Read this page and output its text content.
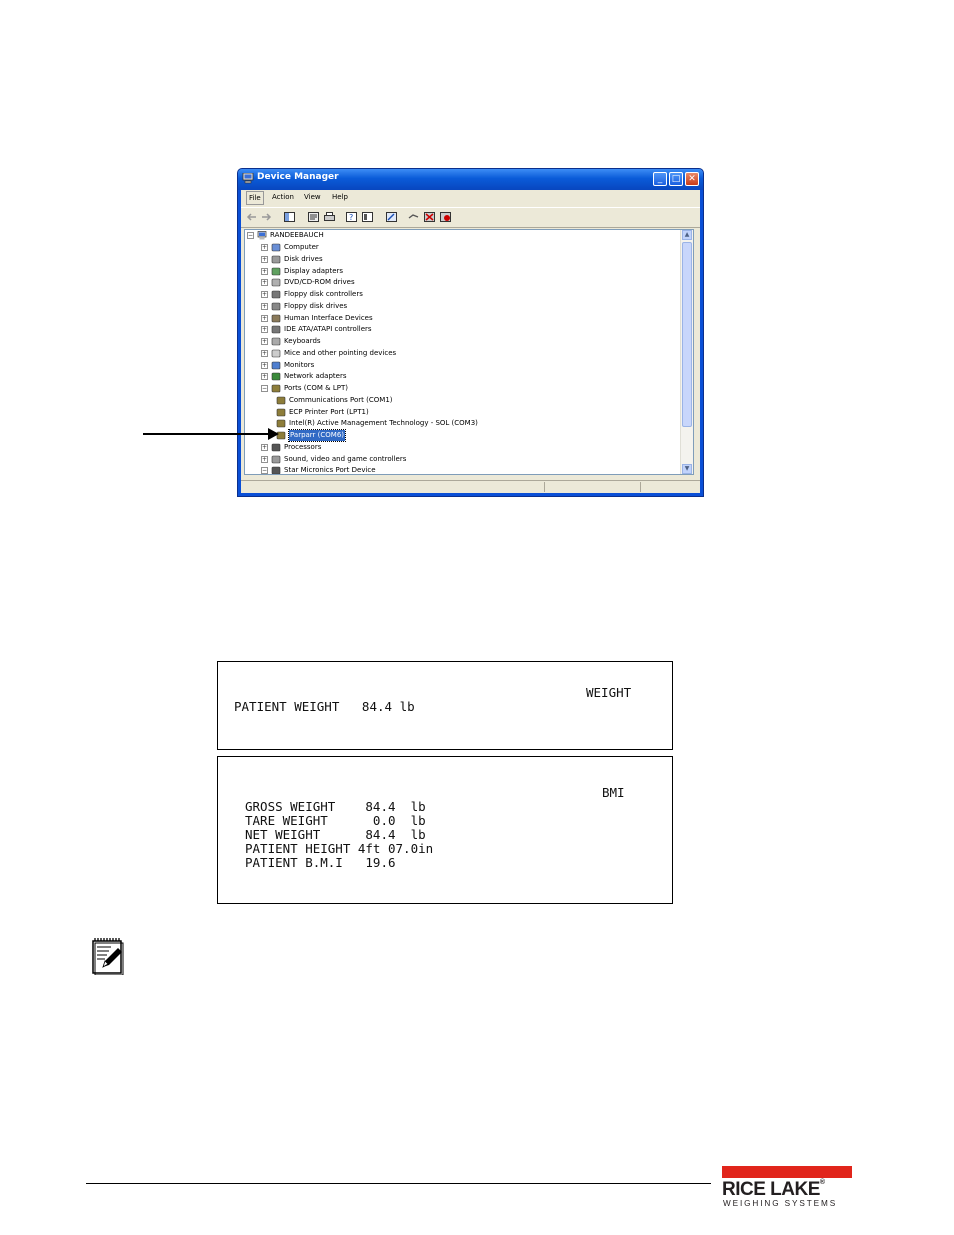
Device Manager	_	□ ✕
File	Action View Help
?
− RANDEEBAUCH
+ Computer
+ Disk drives
+ Display adapters
+ DVD/CD-ROM drives
+ Floppy disk controllers
+ Floppy disk drives
+ Human Interface Devices
+ IDE ATA/ATAPI controllers
+ Keyboards
+ Mice and other pointing devices
+ Monitors
+ Network adapters
− Ports (COM & LPT)
Communications Port (COM1)
ECP Printer Port (LPT1)
Intel(R) Active Management Technology - SOL (COM3)
Parparr (COM6)
+ Processors
+ Sound, video and game controllers
− Star Micronics Port Device
▲
▼
WEIGHT
PATIENT WEIGHT   84.4 lb
BMI
GROSS WEIGHT    84.4  lb
TARE WEIGHT      0.0  lb
NET WEIGHT      84.4  lb
PATIENT HEIGHT 4ft 07.0in
PATIENT B.M.I   19.6
RICE LAKE®
WEIGHING SYSTEMS
